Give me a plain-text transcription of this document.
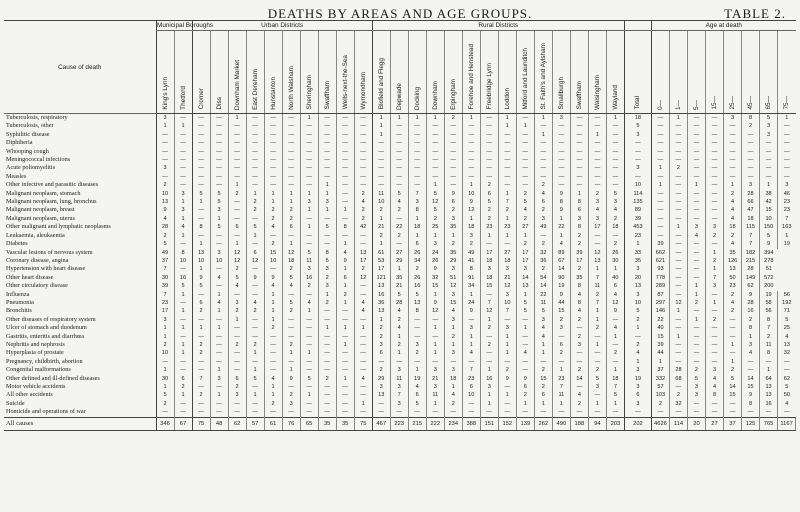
DEATHS BY AREAS AND AGE GROUPS.	TABLE 2.
Cause of death	Municipal Boroughs		Urban Districts										Rural Districts															Age at death								
	King's Lynn	Thetford	Cromer	Diss	Downham Market	East Dereham	Hunstanton	North Walsham	Sheringham	Swaffham	Wells-next-the-Sea	Wymondham	Blofield and Flegg	Depwade	Docking	Downham	Erpingham	Forehoe and Henstead	Freebridge Lynn	Loddon	Mitford and Launditch	St. Faith's and Aylsham	Smallburgh	Swaffham	Walsingham	Wayland	Total	0—	1—	5—	15—	25—	45—	65—	75—	
Tuberculosis, respiratory	3	—	—	—	1	—	—	—	1	—	—	—	1	1	1	1	2	1	—	1	—	1	3	—	—	1	18	—	1	—	—	3	8	5	1	
Tuberculosis, other	1	1	—	—	—	—	—	—	—	—	—	—	1	—	—	—	—	—	—	1	1	—	—	—	—	—	5	—	—	—	—	—	2	3	—	
Syphilitic disease	—	—	—	—	—	—	—	—	—	—	—	—	1	—	—	—	—	—	—	—	—	1	—	—	1	—	3	—	—	—	—	—	—	3	—	
Diphtheria	—	—	—	—	—	—	—	—	—	—	—	—	—	—	—	—	—	—	—	—	—	—	—	—	—	—	—	—	—	—	—	—	—	—	—	
Whooping cough	—	—	—	—	—	—	—	—	—	—	—	—	—	—	—	—	—	—	—	—	—	—	—	—	—	—	—	—	—	—	—	—	—	—	—	
Meningococcal infections	—	—	—	—	—	—	—	—	—	—	—	—	—	—	—	—	—	—	—	—	—	—	—	—	—	—	—	—	—	—	—	—	—	—	—	
Acute poliomyelitis	3	—	—	—	—	—	—	—	—	—	—	—	—	—	—	—	—	—	—	—	—	—	—	—	—	—	3	1	2	—	—	—	—	—	—	
Measles	—	—	—	—	—	—	—	—	—	—	—	—	—	—	—	—	—	—	—	—	—	—	—	—	—	—	—	—	—	—	—	—	—	—	—	
Other infective and parasitic diseases	2	—	—	—	1	—	—	—	—	1	—	—	—	—	—	1	—	1	2	—	—	2	—	—	—	—	10	1	—	1	—	1	3	1	3	
Malignant neoplasm, stomach	10	3	5	5	2	1	1	1	1	1	—	2	11	5	7	5	9	10	6	1	2	4	9	1	2	5	114	—	—	—	—	2	28	38	46	
Malignant neoplasm, lung, bronchus	13	1	1	5	—	2	1	1	3	3	—	4	10	4	3	12	6	9	5	7	5	6	8	8	3	3	135	—	—	—	—	4	66	42	23	
Malignant neoplasm, breast	9	3	—	3	—	2	2	2	1	1	1	2	2	2	8	5	2	12	2	2	4	2	9	6	4	4	89	—	—	—	—	4	47	15	23	
Malignant neoplasm, uterus	4	1	—	1	—	—	2	2	—	—	—	2	1	—	1	2	3	1	2	1	2	3	1	3	3	2	39	—	—	—	—	4	18	10	7	
Other malignant and lymphatic neoplasms	28	4	8	5	6	5	4	6	1	5	8	42	21	22	18	25	35	18	23	23	27	49	22	8	17	18	453	—	1	3	3	18	115	150	163	
Leukaemia, aleukaemia	2	1	—	—	—	1	—	—	—	—	—	—	2	2	1	1	1	3	1	1	1	—	1	2	—	—	23	—	—	4	2	2	7	5	1	
Diabetes	5	—	1	—	1	—	2	1	—	—	1	—	1	—	6	3	2	2	—	—	2	2	4	2	—	2	1	39	—	—	—	4	7	9	19	
Vascular lesions of nervous system	49	8	13	3	12	6	15	12	5	8	4	13	61	27	26	24	35	49	17	27	17	32	89	39	12	26	33	662	—	—	1	35	182	394		
Coronary disease, angina	37	10	10	10	12	12	10	18	11	5	9	17	53	29	34	26	29	41	18	18	17	36	67	17	13	30	35	621	—	—	2	126	215	278		
Hypertension with heart disease	7	—	1	—	2	—	—	2	3	3	1	2	17	1	2	9	3	8	3	3	3	2	14	2	1	1	3	93	—	—	1	13	28	51		
Other heart disease	30	16	9	4	5	9	9	5	16	2	6	12	121	35	26	32	51	91	18	21	14	54	90	35	7	40	20	778	—	—	7	50	149	572		
Other circulatory disease	39	5	5	—	4	—	4	4	2	3	1	—	13	21	16	15	12	34	15	12	13	14	19	8	11	6	13	289	—	1	3	23	62	200		
Influenza	7	1	—	1	—	—	1	—	—	1	2	—	16	5	5	1	3	1	—	3	1	22	9	4	2	4	3	87	—	1	—	2	9	19	56	
Pneumonia	23	—	6	4	3	4	1	5	4	2	1	4	36	28	13	9	15	24	7	10	5	11	44	8	7	12	10	297	12	2	1	4	28	58	192	
Bronchitis	17	1	2	1	2	2	1	2	1	—	—	4	13	4	8	12	4	9	12	7	5	5	15	4	1	9	5	146	1	—	—	2	16	56	71	
Other diseases of respiratory system	3	—	—	—	1	—	1	—	—	—	—	—	1	2	—	—	3	—	1	—	—	3	2	2	1	—	2	22	—	1	2	—	2	8	5	
Ulcer of stomach and duodenum	1	1	1	1	—	—	2	—	—	1	1	1	2	4	—	1	1	3	2	3	1	4	3	—	2	4	1	40	—	—	—	—	8	7	25	
Gastritis, enteritis and diarrhœa	1	—	—	—	—	—	—	—	—	—	—	—	2	1	—	—	2	1	—	1	—	4	—	2	—	1	—	15	1	—	—	—	1	2	4	
Nephritis and nephrosis	2	1	2	—	2	2	—	2	—	—	1	—	3	2	3	1	1	1	2	1	—	1	6	3	1	—	2	39	—	—	—	1	3	11	13	
Hyperplasia of prostate	10	1	2	—	—	1	—	1	1	—	—	—	6	1	2	1	3	4	—	1	4	1	2	—	—	2	4	44	—	—	—	—	4	8	32	
Pregnancy, childbirth, abortion	—	—	—	—	—	—	—	—	—	—	—	—	—	—	—	—	—	—	—	—	—	—	—	—	—	—	1	1	—	—	—	1	—	—	—	
Congenital malformations	1	—	—	1	—	1	—	1	—	—	—	—	2	3	1	3	3	7	1	2	—	2	1	2	2	1	3	37	28	2	3	2	—	1	—	
Other defined and ill-defined diseases	30	6	7	3	6	5	4	9	5	2	1	4	29	11	19	21	18	23	16	9	9	15	23	14	5	18	19	332	68	5	4	5	14	64	62	
Motor vehicle accidents	1	2	—	—	2	—	1	—	—	—	—	—	3	3	4	3	1	6	3	—	6	2	7	—	3	7	3	57	—	3	4	14	15	13	5	
All other accidents	5	1	2	1	3	1	1	2	1	—	—	—	13	7	6	11	4	10	1	1	2	6	11	4	—	5	6	103	2	3	8	15	9	13	50	
Suicide	2	—	—	—	—	—	2	3	—	—	—	1	—	3	5	1	2	—	1	—	1	1	1	2	1	1	3	2	32	—	—	—	8	16	4	
Homicide and operations of war	—	—	—	—	—	—	—	—	—	—	—	—	—	—	—	—	—	—	—	—	—	—	—	—	—	—	—	—	—	—	—	—	—	—	—	
All causes	346	67	75	48	62	57	61	76	65	35	35	75	467	223	215	222	234	388	151	152	139	262	490	188	94	203	202	4626	114	20	27	37	125	765	1167	
